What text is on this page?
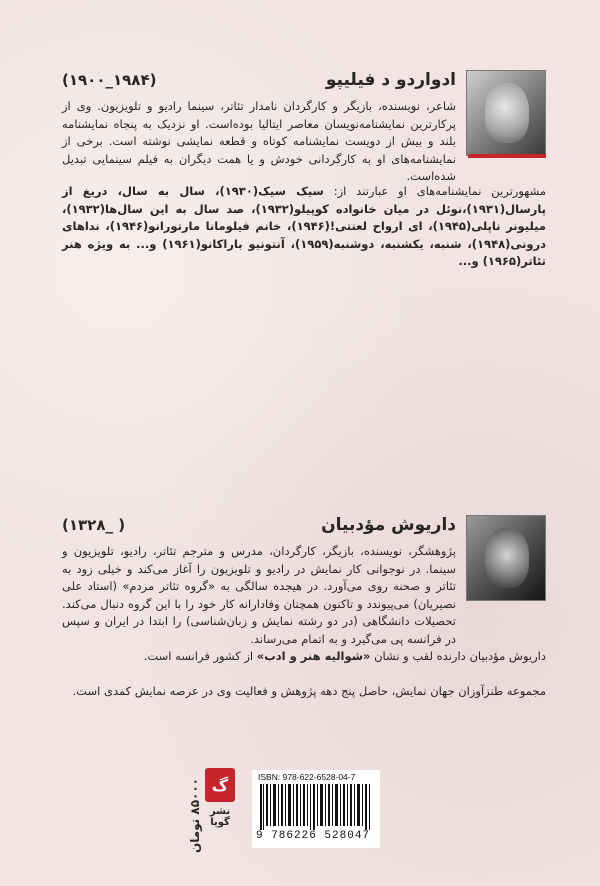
ادواردو د فیلیپو
(۱۹۰۰_۱۹۸۴)

شاعر، نویسنده، بازیگر و کارگردان نامدار تئاتر، سینما رادیو و تلویزیون. وی از پرکارترین نمایشنامه‌نویسان معاصر ایتالیا بوده‌است. او نزدیک به پنجاه نمایشنامه بلند و بیش از دویست نمایشنامه کوتاه و قطعه نمایشی نوشته است. برخی از نمایشنامه‌های او به کارگردانی خودش و یا همت دیگران به فیلم سینمایی تبدیل شده‌است.

مشهورترین نمایشنامه‌های او عبارتند از: سیک سیک(۱۹۳۰)، سال به سال، دریغ از پارسال(۱۹۳۱)،نوئل در میان خانواده کوپیلو(۱۹۳۲)، صد سال به این سال‌ها(۱۹۳۲)، میلیونر ناپلی(۱۹۴۵)، ای ارواح لعنتی!(۱۹۴۶)، خانم فیلومانا مارتورانو(۱۹۴۶)، نداهای درونی(۱۹۴۸)، شنبه، یکشنبه، دوشنبه(۱۹۵۹)، آنتونیو باراکانو(۱۹۶۱) و... به ویژه هنر تئاتر(۱۹۶۵) و...

داریوش مؤدبیان
(۱۳۲۸_ )

پژوهشگر، نویسنده، بازیگر، کارگردان، مدرس و مترجم تئاتر، رادیو، تلویزیون و سینما. در نوجوانی کار نمایش در رادیو و تلویزیون را آغاز می‌کند و خیلی زود به تئاتر و صحنه روی می‌آورد. در هیجده سالگی به «گروه تئاتر مردم» (استاد علی نصیریان) می‌پیوندد و تاکنون همچنان وفادارانه کار خود را با این گروه دنبال می‌کند. تحصیلات دانشگاهی (در دو رشته نمایش و زبان‌شناسی) را ابتدا در ایران و سپس در فرانسه پی می‌گیرد و به اتمام می‌رساند.

داریوش مؤدبیان دارنده لقب و نشان «شوالیه هنر و ادب» از کشور فرانسه است.

مجموعه طنزآوزان جهان نمایش، حاصل پنج دهه پژوهش و فعالیت وی در عرصه نمایش کمدی است.

۸۵۰۰۰ تومان گ
نشر گویا
ISBN: 978-622-6528-04-7
9 786226 528047
